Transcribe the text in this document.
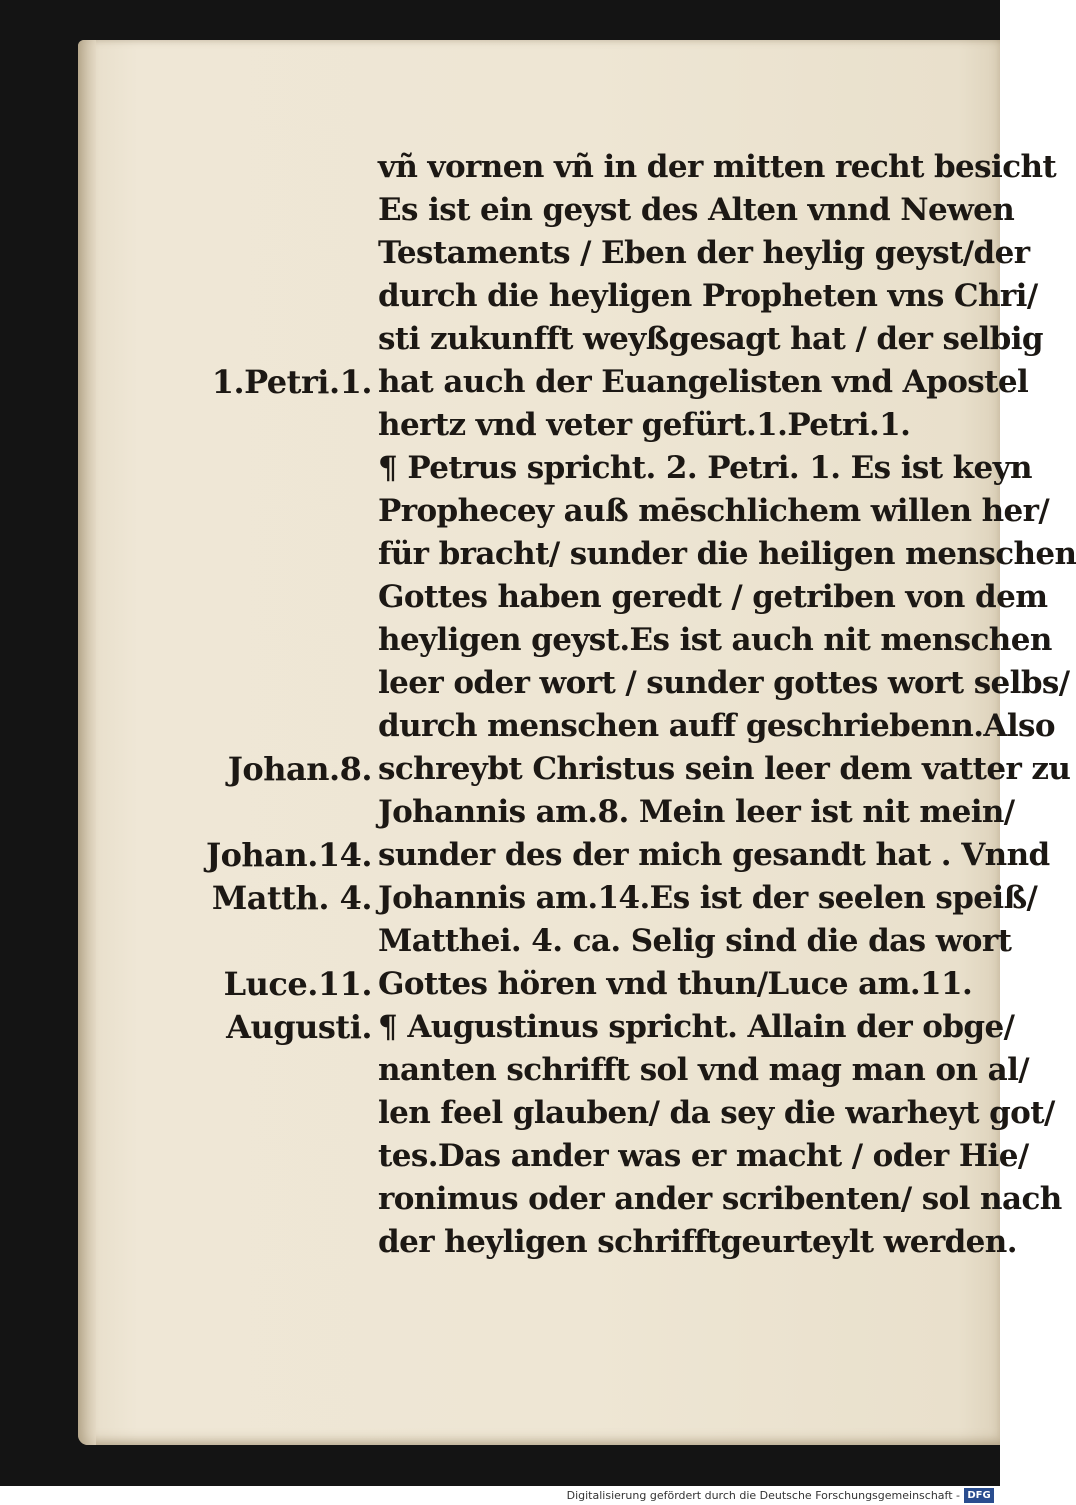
vñ vornen vñ in der mitten recht besicht
Es ist ein geyst des Alten vnnd Newen
Testaments / Eben der heylig geyst/der
durch die heyligen Propheten vns Chri/
sti zukunfft weyßgesagt hat / der selbig
hat auch der Euangelisten vnd Apostel
hertz vnd veter gefürt.1.Petri.1.
¶ Petrus spricht. 2. Petri. 1. Es ist keyn
Prophecey auß mēschlichem willen her/
für bracht/ sunder die heiligen menschen
Gottes haben geredt / getriben von dem
heyligen geyst.Es ist auch nit menschen
leer oder wort / sunder gottes wort selbs/
durch menschen auff geschriebenn.Also
schreybt Christus sein leer dem vatter zu
Johannis am.8. Mein leer ist nit mein/
sunder des der mich gesandt hat . Vnnd
Johannis am.14.Es ist der seelen speiß/
Matthei. 4. ca. Selig sind die das wort
Gottes hören vnd thun/Luce am.11.
¶ Augustinus spricht. Allain der obge/
nanten schrifft sol vnd mag man on al/
len feel glauben/ da sey die warheyt got/
tes.Das ander was er macht / oder Hie/
ronimus oder ander scribenten/ sol nach
der heyligen schrifftgeurteylt werden.
1.Petri.1.
Johan.8.
Johan.14.
Matth. 4.
Luce.11.
Augusti.
Digitalisierung gefördert durch die Deutsche Forschungsgemeinschaft - DFG
